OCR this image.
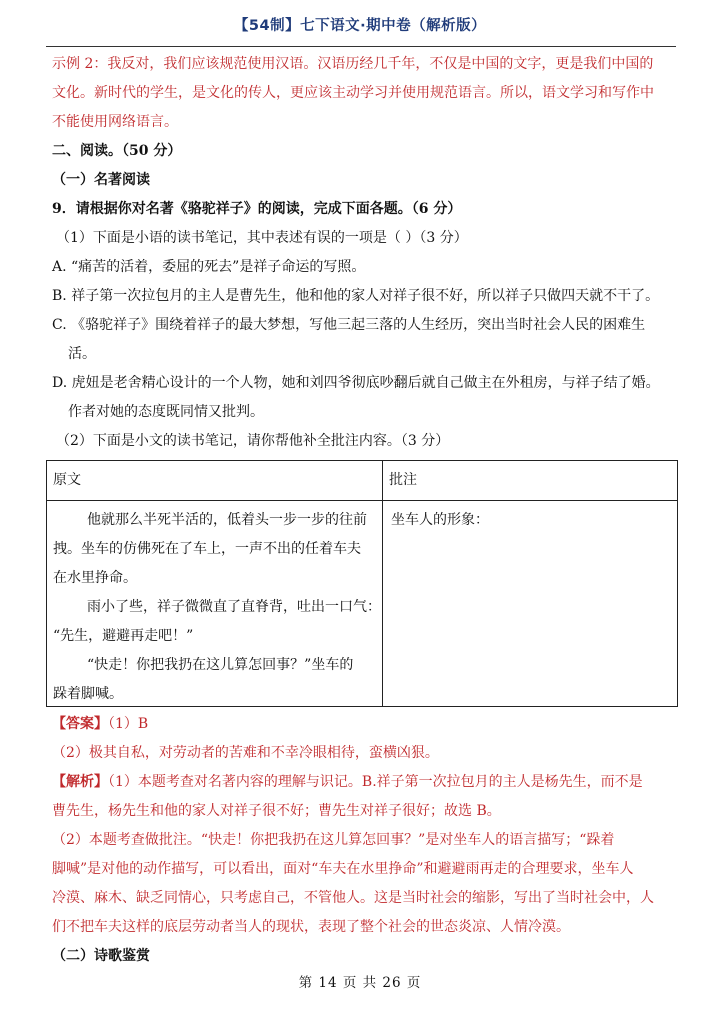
【54制】七下语文·期中卷（解析版）
示例 2：我反对，我们应该规范使用汉语。汉语历经几千年，不仅是中国的文字，更是我们中国的
文化。新时代的学生，是文化的传人，更应该主动学习并使用规范语言。所以，语文学习和写作中
不能使用网络语言。
二、阅读。（50 分）
（一）名著阅读
9．请根据你对名著《骆驼祥子》的阅读，完成下面各题。（6 分）
（1）下面是小语的读书笔记，其中表述有误的一项是（ ）（3 分）
A. “痛苦的活着，委屈的死去”是祥子命运的写照。
B. 祥子第一次拉包月的主人是曹先生，他和他的家人对祥子很不好，所以祥子只做四天就不干了。
C. 《骆驼祥子》围绕着祥子的最大梦想，写他三起三落的人生经历，突出当时社会人民的困难生
活。
D. 虎妞是老舍精心设计的一个人物，她和刘四爷彻底吵翻后就自己做主在外租房，与祥子结了婚。
作者对她的态度既同情又批判。
（2）下面是小文的读书笔记，请你帮他补全批注内容。（3 分）
原文	批注
他就那么半死半活的，低着头一步一步的往前
拽。坐车的仿佛死在了车上，一声不出的任着车夫
在水里挣命。
雨小了些，祥子微微直了直脊背，吐出一口气：
“先生，避避再走吧！”
“快走！你把我扔在这儿算怎回事？”坐车的
跺着脚喊。
坐车人的形象：
【答案】（1）B
（2）极其自私，对劳动者的苦难和不幸冷眼相待，蛮横凶狠。
【解析】（1）本题考查对名著内容的理解与识记。B.祥子第一次拉包月的主人是杨先生，而不是
曹先生，杨先生和他的家人对祥子很不好；曹先生对祥子很好；故选 B。
（2）本题考查做批注。“快走！你把我扔在这儿算怎回事？”是对坐车人的语言描写；“跺着
脚喊”是对他的动作描写，可以看出，面对“车夫在水里挣命”和避避雨再走的合理要求，坐车人
冷漠、麻木、缺乏同情心，只考虑自己，不管他人。这是当时社会的缩影，写出了当时社会中，人
们不把车夫这样的底层劳动者当人的现状，表现了整个社会的世态炎凉、人情冷漠。
（二）诗歌鉴赏
第 14 页 共 26 页
